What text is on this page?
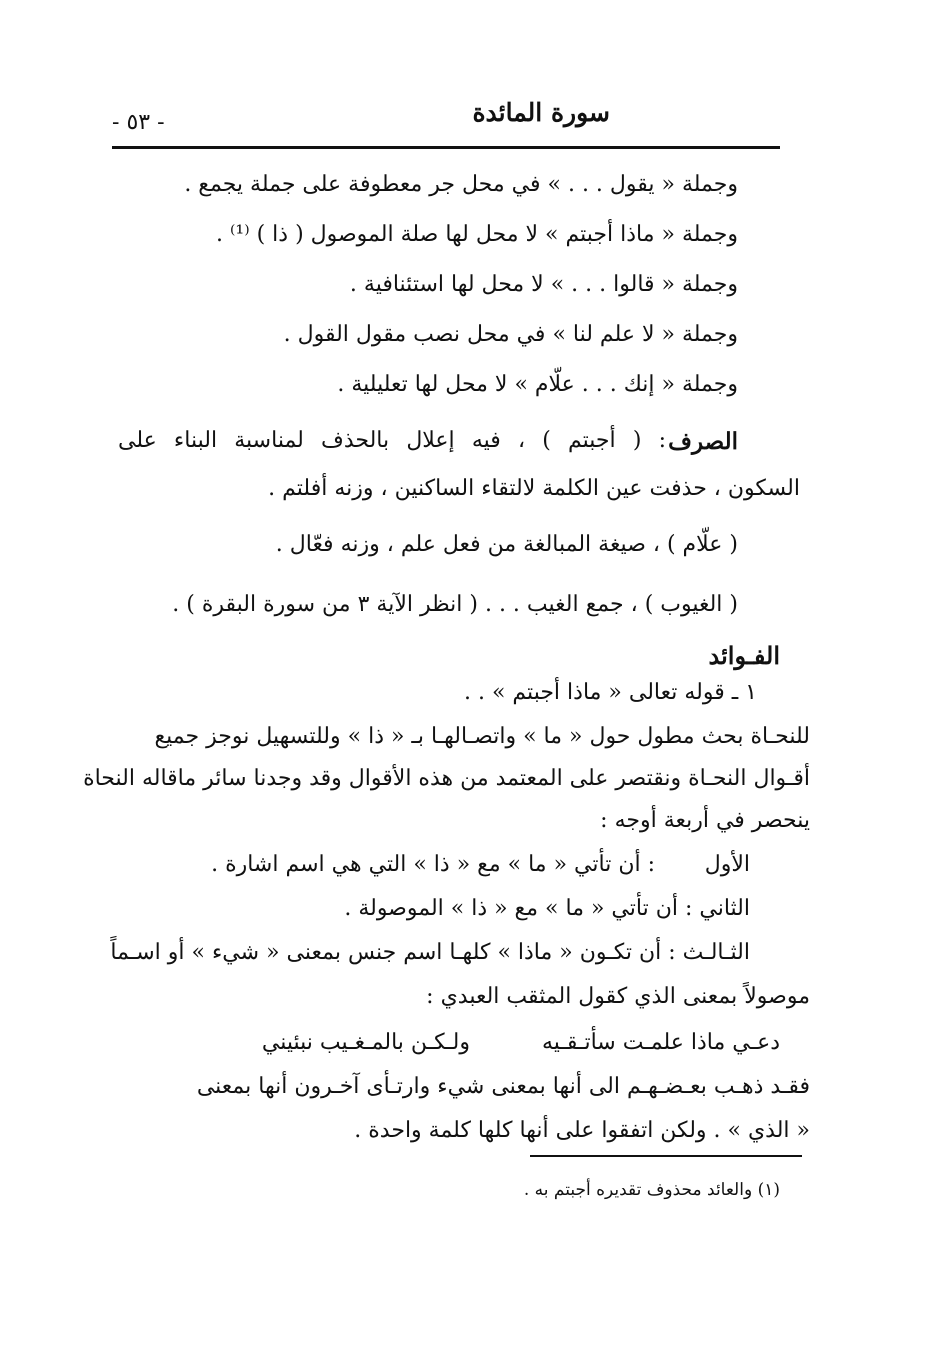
سورة المائدة
- ٥٣ -
وجملة « يقول . . . » في محل جر معطوفة على جملة يجمع .
وجملة « ماذا أجبتم » لا محل لها صلة الموصول ( ذا ) ⁽¹⁾ .
وجملة « قالوا . . . » لا محل لها استئنافية .
وجملة « لا علم لنا » في محل نصب مقول القول .
وجملة « إنك . . . علّام » لا محل لها تعليلية .
الصرف
: ( أجبتم ) ، فيه إعلال بالحذف لمناسبة البناء على
السكون ، حذفت عين الكلمة لالتقاء الساكنين ، وزنه أفلتم .
( علّام ) ، صيغة المبالغة من فعل علم ، وزنه فعّال .
( الغيوب ) ، جمع الغيب . . . ( انظر الآية ٣ من سورة البقرة ) .
الفـوائد
١ ـ قوله تعالى « ماذا أجبتم » . .
للنحـاة بحث مطول حول « ما » واتصـالهـا بـ « ذا » وللتسهيل نوجز جميع
أقـوال النحـاة ونقتصر على المعتمد من هذه الأقوال وقد وجدنا سائر ماقاله النحاة
ينحصر في أربعة أوجه :
الأول
: أن تأتي « ما » مع « ذا » التي هي اسم اشارة .
الثاني : أن تأتي « ما » مع « ذا » الموصولة .
الثـالـث : أن تكـون « ماذا » كلهـا اسم جنس بمعنى « شيء » أو اسـماً
موصولاً بمعنى الذي كقول المثقب العبدي :
دعـي ماذا علمـت سأتـقـيه
ولـكـن بالمـغـيب نبئيني
فقـد ذهـب بعـضـهـم الى أنها بمعنى شيء وارتـأى آخـرون أنها بمعنى
« الذي » . ولكن اتفقوا على أنها كلها كلمة واحدة .
(١) والعائد محذوف تقديره أجبتم به .
